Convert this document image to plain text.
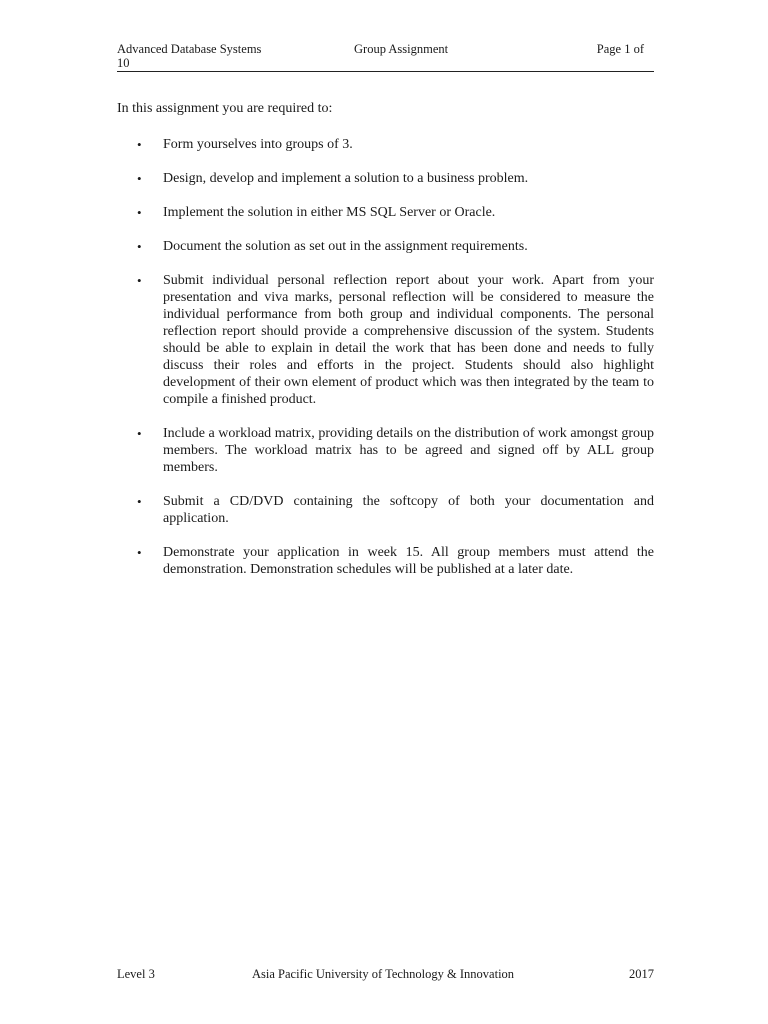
Advanced Database Systems	Group Assignment	Page 1 of
10

In this assignment you are required to:

• Form yourselves into groups of 3.
• Design, develop and implement a solution to a business problem.
• Implement the solution in either MS SQL Server or Oracle.
• Document the solution as set out in the assignment requirements.
• Submit individual personal reflection report about your work. Apart from your presentation and viva marks, personal reflection will be considered to measure the individual performance from both group and individual components. The personal reflection report should provide a comprehensive discussion of the system. Students should be able to explain in detail the work that has been done and needs to fully discuss their roles and efforts in the project. Students should also highlight development of their own element of product which was then integrated by the team to compile a finished product.
• Include a workload matrix, providing details on the distribution of work amongst group members. The workload matrix has to be agreed and signed off by ALL group members.
• Submit a CD/DVD containing the softcopy of both your documentation and application.
• Demonstrate your application in week 15. All group members must attend the demonstration. Demonstration schedules will be published at a later date.
Level 3	Asia Pacific University of Technology & Innovation	2017
